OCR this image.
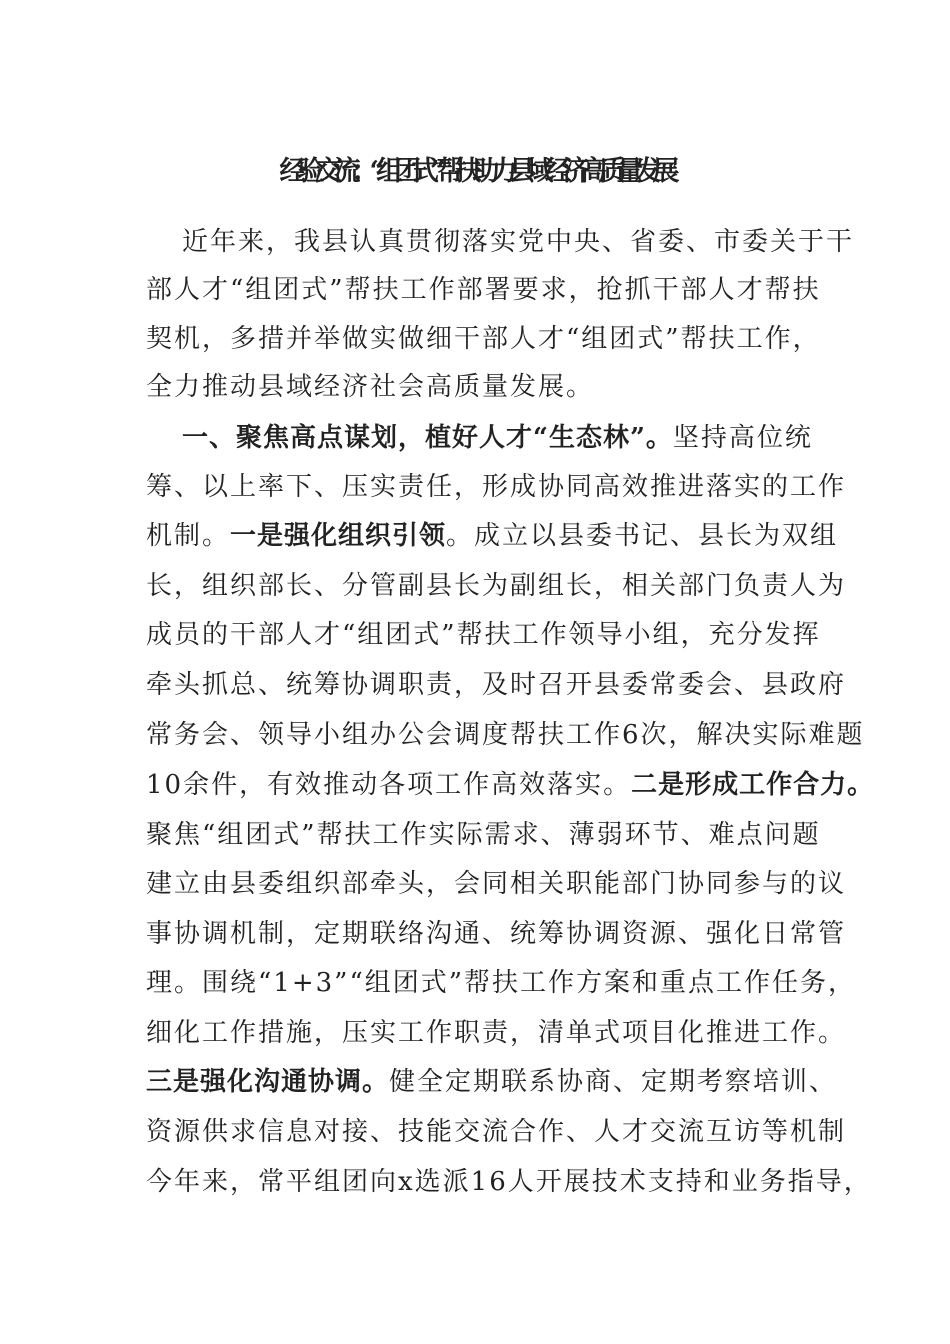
经验交流：“组团式”帮扶助力县域经济高质量发展
近年来，我县认真贯彻落实党中央、省委、市委关于干
部人才“组团式”帮扶工作部署要求，抢抓干部人才帮扶
契机，多措并举做实做细干部人才“组团式”帮扶工作，
全力推动县域经济社会高质量发展。
一、聚焦高点谋划，植好人才“生态林”。坚持高位统
筹、以上率下、压实责任，形成协同高效推进落实的工作
机制。一是强化组织引领。成立以县委书记、县长为双组
长，组织部长、分管副县长为副组长，相关部门负责人为
成员的干部人才“组团式”帮扶工作领导小组，充分发挥
牵头抓总、统筹协调职责，及时召开县委常委会、县政府
常务会、领导小组办公会调度帮扶工作6次，解决实际难题
10余件，有效推动各项工作高效落实。二是形成工作合力。
聚焦“组团式”帮扶工作实际需求、薄弱环节、难点问题
建立由县委组织部牵头，会同相关职能部门协同参与的议
事协调机制，定期联络沟通、统筹协调资源、强化日常管
理。围绕“1+3”“组团式”帮扶工作方案和重点工作任务，
细化工作措施，压实工作职责，清单式项目化推进工作。
三是强化沟通协调。健全定期联系协商、定期考察培训、
资源供求信息对接、技能交流合作、人才交流互访等机制
今年来，常平组团向x选派16人开展技术支持和业务指导，
